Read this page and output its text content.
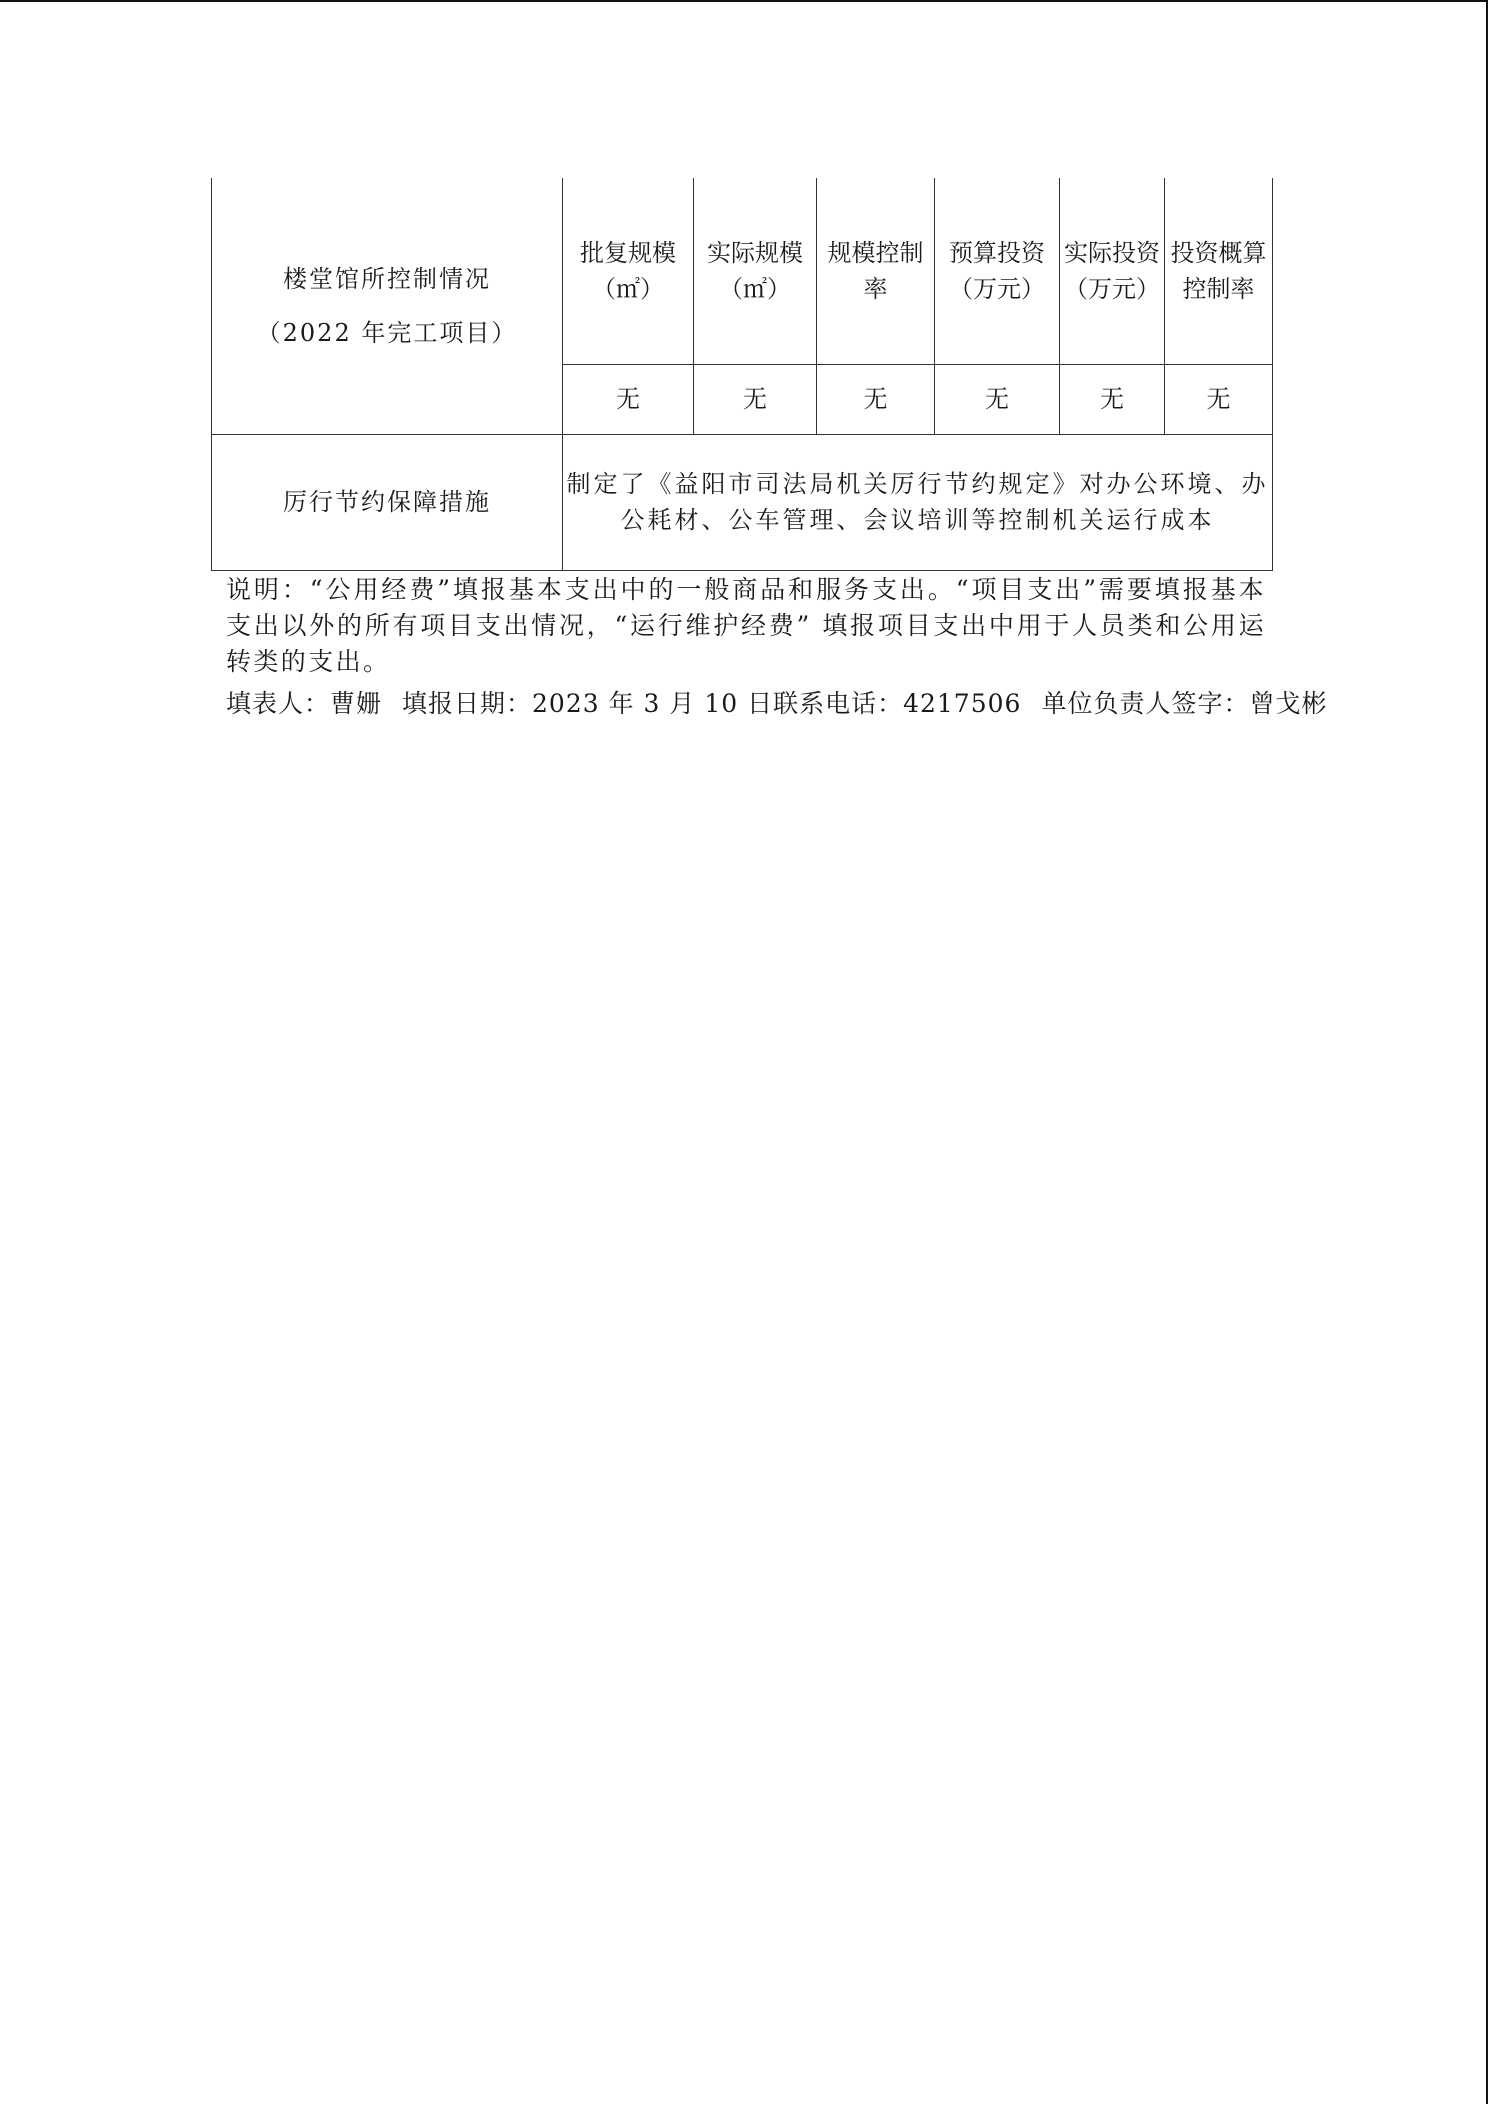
楼堂馆所控制情况
（2022 年完工项目）	批复规模（㎡）	实际规模（㎡）	规模控制率	预算投资（万元）	实际投资（万元）	投资概算控制率
	无	无	无	无	无	无
厉行节约保障措施	制定了《益阳市司法局机关厉行节约规定》对办公环境、办公耗材、公车管理、会议培训等控制机关运行成本					
说明：“公用经费”填报基本支出中的一般商品和服务支出。“项目支出”需要填报基本支出以外的所有项目支出情况，“运行维护经费” 填报项目支出中用于人员类和公用运转类的支出。
填表人：曹姗 填报日期：2023 年 3 月 10 日联系电话：4217506 单位负责人签字：曾戈彬
